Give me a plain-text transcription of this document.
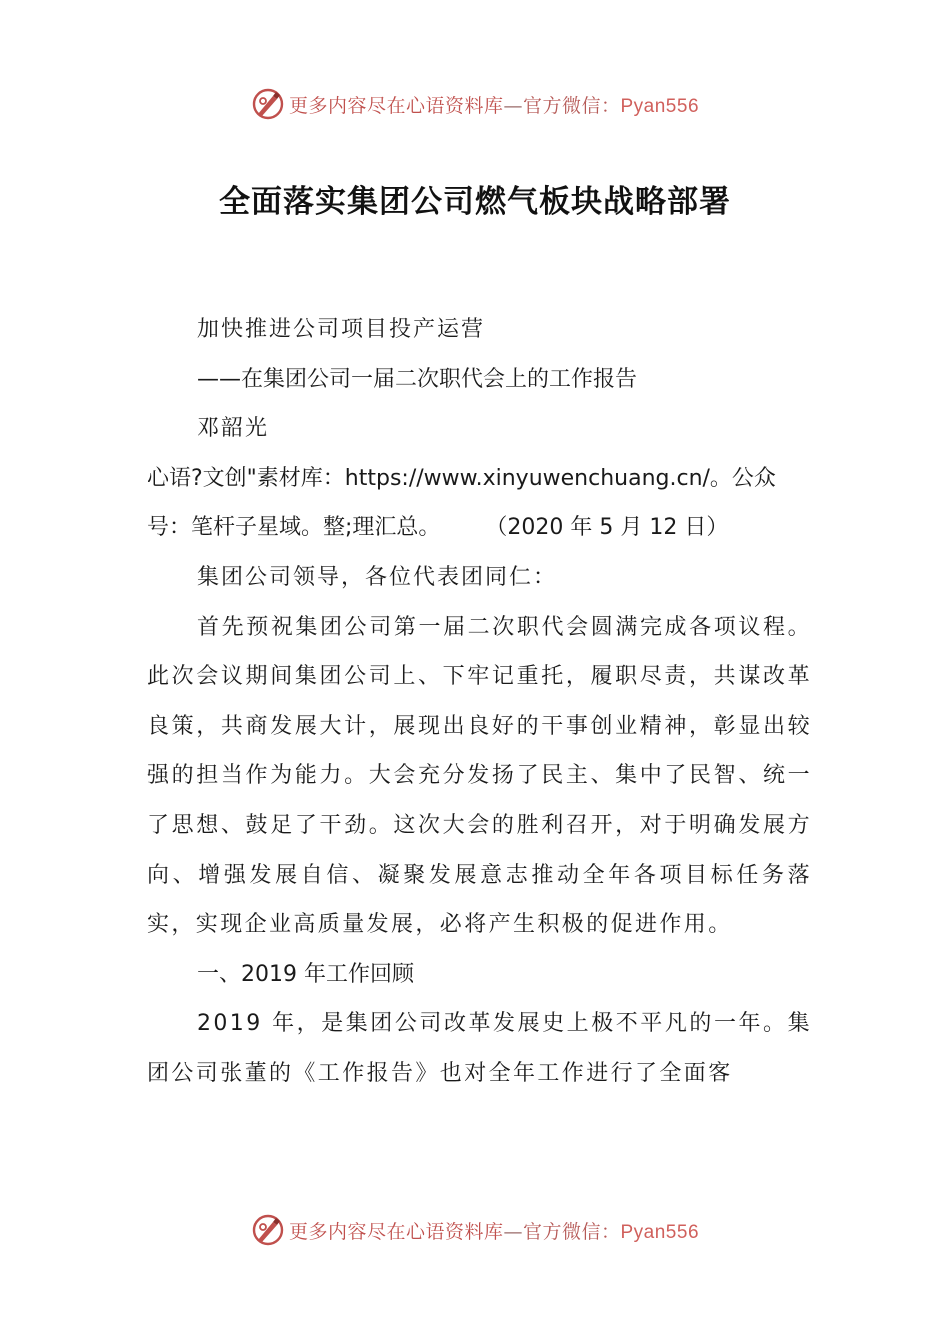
更多内容尽在心语资料库—官方微信：Pyan556
全面落实集团公司燃气板块战略部署

加快推进公司项目投产运营

——在集团公司一届二次职代会上的工作报告

邓韶光

心语?文创"素材库：https://www.xinyuwenchuang.cn/。公众

号：笔杆子星域。整;理汇总。	（2020 年 5 月 12 日）

集团公司领导，各位代表团同仁：

首先预祝集团公司第一届二次职代会圆满完成各项议程。此次会议期间集团公司上、下牢记重托，履职尽责，共谋改革良策，共商发展大计，展现出良好的干事创业精神，彰显出较强的担当作为能力。大会充分发扬了民主、集中了民智、统一了思想、鼓足了干劲。这次大会的胜利召开，对于明确发展方向、增强发展自信、凝聚发展意志推动全年各项目标任务落实，实现企业高质量发展，必将产生积极的促进作用。

一、2019 年工作回顾

2019 年，是集团公司改革发展史上极不平凡的一年。集团公司张董的《工作报告》也对全年工作进行了全面客

更多内容尽在心语资料库—官方微信：Pyan556
